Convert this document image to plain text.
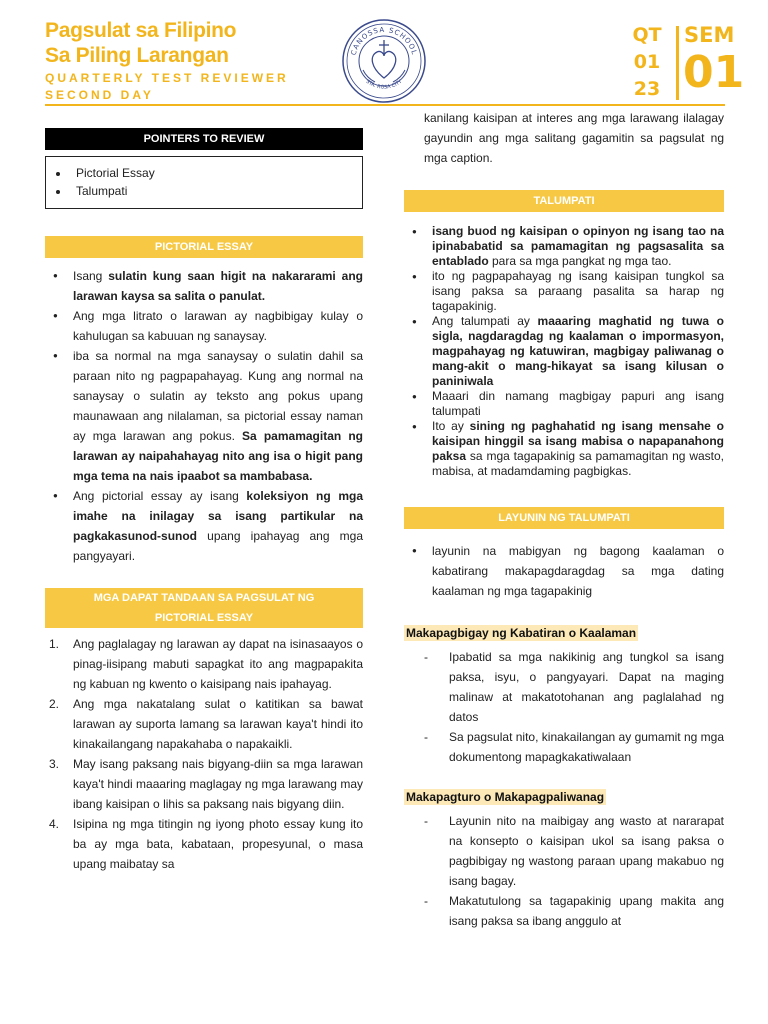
Pagsulat sa Filipino
Sa Piling Larangan
QUARTERLY TEST REVIEWER
SECOND DAY
CANOSSA SCHOOL
STA. ROSA CITY
QT
01
23
SEM
01
POINTERS TO REVIEW
• Pictorial Essay
• Talumpati
PICTORIAL ESSAY
● Isang sulatin kung saan higit na nakararami ang larawan kaysa sa salita o panulat.
● Ang mga litrato o larawan ay nagbibigay kulay o kahulugan sa kabuuan ng sanaysay.
● iba sa normal na mga sanaysay o sulatin dahil sa paraan nito ng pagpapahayag. Kung ang normal na sanaysay o sulatin ay teksto ang pokus upang maunawaan ang nilalaman, sa pictorial essay naman ay mga larawan ang pokus. Sa pamamagitan ng larawan ay naipahahayag nito ang isa o higit pang mga tema na nais ipaabot sa mambabasa.
● Ang pictorial essay ay isang koleksiyon ng mga imahe na inilagay sa isang partikular na pagkakasunod-sunod upang ipahayag ang mga pangyayari.
MGA DAPAT TANDAAN SA PAGSULAT NG PICTORIAL ESSAY
1. Ang paglalagay ng larawan ay dapat na isinasaayos o pinag-iisipang mabuti sapagkat ito ang magpapakita ng kabuan ng kwento o kaisipang nais ipahayag.
2. Ang mga nakatalang sulat o katitikan sa bawat larawan ay suporta lamang sa larawan kaya't hindi ito kinakailangang napakahaba o napakaikli.
3. May isang paksang nais bigyang-diin sa mga larawan kaya't hindi maaaring maglagay ng mga larawang may ibang kaisipan o lihis sa paksang nais bigyang diin.
4. Isipina ng mga titingin ng iyong photo essay kung ito ba ay mga bata, kabataan, propesyunal, o masa upang maibatay sa

kanilang kaisipan at interes ang mga larawang ilalagay gayundin ang mga salitang gagamitin sa pagsulat ng mga caption.

TALUMPATI
● isang buod ng kaisipan o opinyon ng isang tao na ipinababatid sa pamamagitan ng pagsasalita sa entablado para sa mga pangkat ng mga tao.
● ito ng pagpapahayag ng isang kaisipan tungkol sa isang paksa sa paraang pasalita sa harap ng tagapakinig.
● Ang talumpati ay maaaring maghatid ng tuwa o sigla, nagdaragdag ng kaalaman o impormasyon, magpahayag ng katuwiran, magbigay paliwanag o mang-akit o mang-hikayat sa isang kilusan o paniniwala
● Maaari din namang magbigay papuri ang isang talumpati
● Ito ay sining ng paghahatid ng isang mensahe o kaisipan hinggil sa isang mabisa o napapanahong paksa sa mga tagapakinig sa pamamagitan ng wasto, mabisa, at madamdaming pagbigkas.
LAYUNIN NG TALUMPATI
● layunin na mabigyan ng bagong kaalaman o kabatirang makapagdaragdag sa mga dating kaalaman ng mga tagapakinig
Makapagbigay ng Kabatiran o Kaalaman
- Ipabatid sa mga nakikinig ang tungkol sa isang paksa, isyu, o pangyayari. Dapat na maging malinaw at makatotohanan ang paglalahad ng datos
- Sa pagsulat nito, kinakailangan ay gumamit ng mga dokumentong mapagkakatiwalaan
Makapagturo o Makapagpaliwanag
- Layunin nito na maibigay ang wasto at nararapat na konsepto o kaisipan ukol sa isang paksa o pagbibigay ng wastong paraan upang makabuo ng isang bagay.
- Makatutulong sa tagapakinig upang makita ang isang paksa sa ibang anggulo at
